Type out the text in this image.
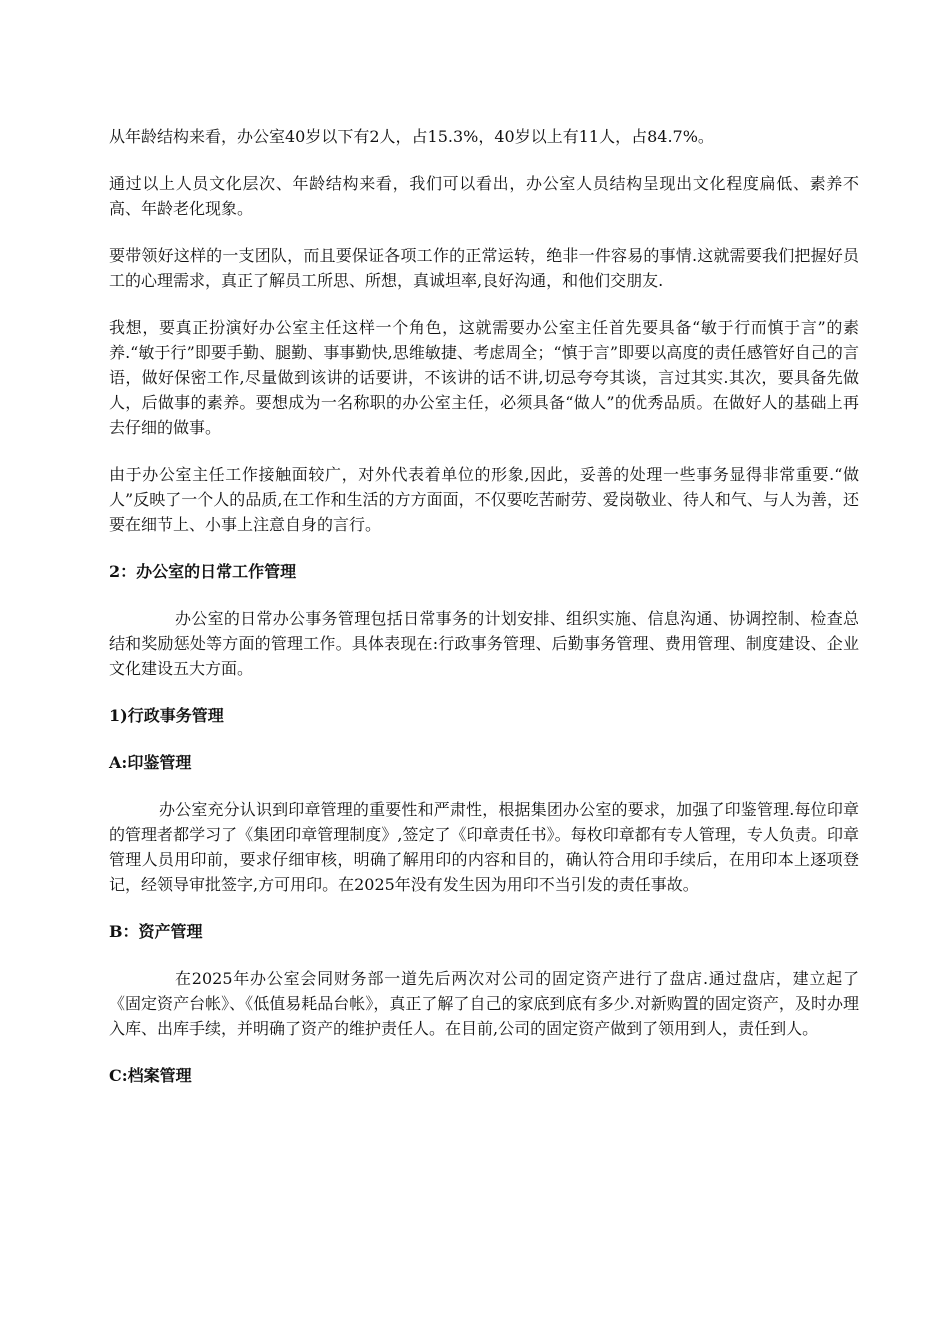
从年龄结构来看，办公室40岁以下有2人，占15.3%，40岁以上有11人，占84.7%。

通过以上人员文化层次、年龄结构来看，我们可以看出，办公室人员结构呈现出文化程度扁低、素养不高、年龄老化现象。

要带领好这样的一支团队，而且要保证各项工作的正常运转，绝非一件容易的事情.这就需要我们把握好员工的心理需求，真正了解员工所思、所想，真诚坦率,良好沟通，和他们交朋友.

我想，要真正扮演好办公室主任这样一个角色，这就需要办公室主任首先要具备“敏于行而慎于言”的素养.“敏于行”即要手勤、腿勤、事事勤快,思维敏捷、考虑周全；“慎于言”即要以高度的责任感管好自己的言语，做好保密工作,尽量做到该讲的话要讲，不该讲的话不讲,切忌夸夸其谈，言过其实.其次，要具备先做人，后做事的素养。要想成为一名称职的办公室主任，必须具备“做人”的优秀品质。在做好人的基础上再去仔细的做事。

由于办公室主任工作接触面较广，对外代表着单位的形象,因此，妥善的处理一些事务显得非常重要.“做人”反映了一个人的品质,在工作和生活的方方面面，不仅要吃苦耐劳、爱岗敬业、待人和气、与人为善，还要在细节上、小事上注意自身的言行。

2：办公室的日常工作管理

办公室的日常办公事务管理包括日常事务的计划安排、组织实施、信息沟通、协调控制、检查总结和奖励惩处等方面的管理工作。具体表现在:行政事务管理、后勤事务管理、费用管理、制度建设、企业文化建设五大方面。

1)行政事务管理
A:印鉴管理

办公室充分认识到印章管理的重要性和严肃性，根据集团办公室的要求，加强了印鉴管理.每位印章的管理者都学习了《集团印章管理制度》,签定了《印章责任书》。每枚印章都有专人管理，专人负责。印章管理人员用印前，要求仔细审核，明确了解用印的内容和目的，确认符合用印手续后，在用印本上逐项登记，经领导审批签字,方可用印。在2025年没有发生因为用印不当引发的责任事故。

B：资产管理

在2025年办公室会同财务部一道先后两次对公司的固定资产进行了盘店.通过盘店，建立起了《固定资产台帐》、《低值易耗品台帐》，真正了解了自己的家底到底有多少.对新购置的固定资产，及时办理入库、出库手续，并明确了资产的维护责任人。在目前,公司的固定资产做到了领用到人，责任到人。

C:档案管理
